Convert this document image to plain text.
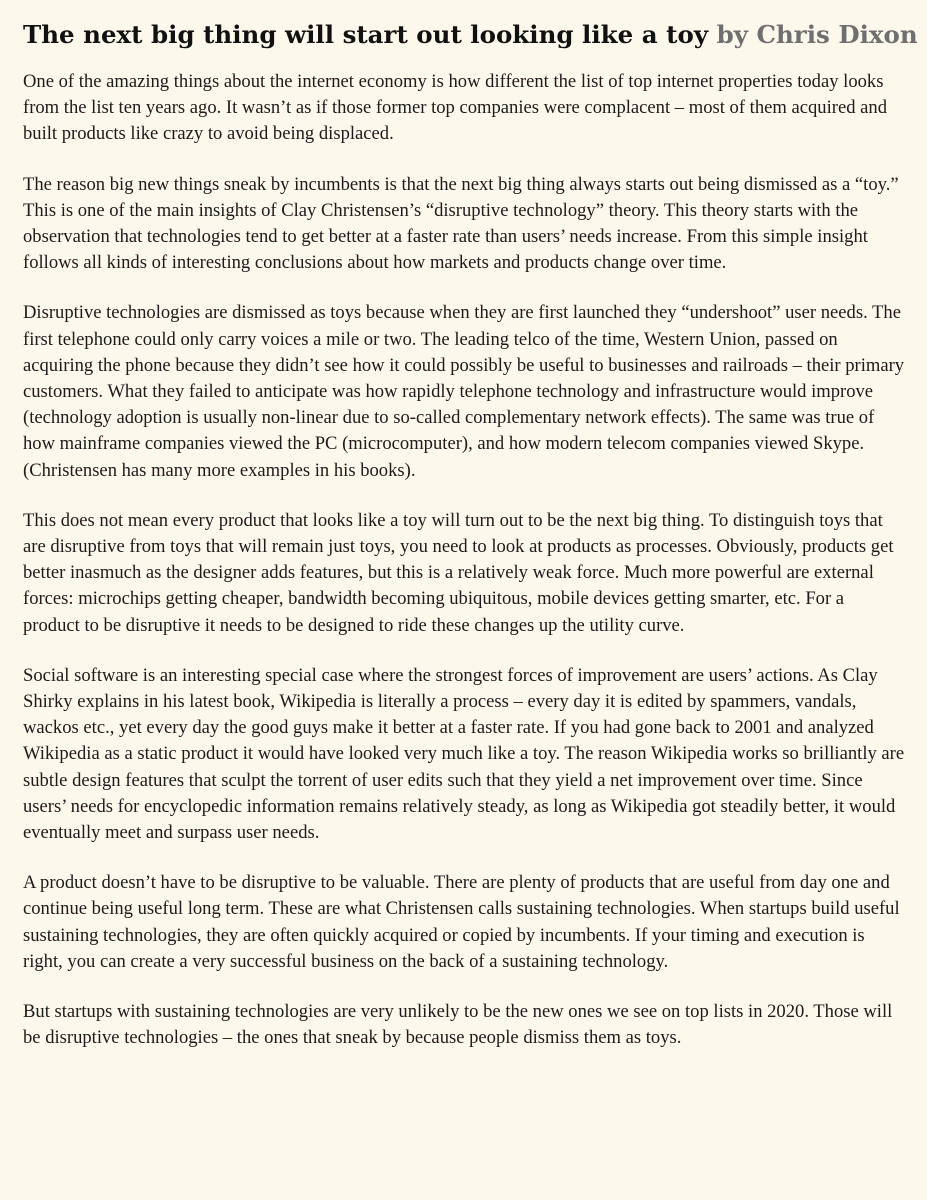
The next big thing will start out looking like a toy by Chris Dixon

One of the amazing things about the internet economy is how different the list of top internet properties today looks from the list ten years ago. It wasn’t as if those former top companies were complacent – most of them acquired and built products like crazy to avoid being displaced.

The reason big new things sneak by incumbents is that the next big thing always starts out being dismissed as a “toy.” This is one of the main insights of Clay Christensen’s “disruptive technology” theory. This theory starts with the observation that technologies tend to get better at a faster rate than users’ needs increase. From this simple insight follows all kinds of interesting conclusions about how markets and products change over time.

Disruptive technologies are dismissed as toys because when they are first launched they “undershoot” user needs. The first telephone could only carry voices a mile or two. The leading telco of the time, Western Union, passed on acquiring the phone because they didn’t see how it could possibly be useful to businesses and railroads – their primary customers. What they failed to anticipate was how rapidly telephone technology and infrastructure would improve (technology adoption is usually non-linear due to so-called complementary network effects). The same was true of how mainframe companies viewed the PC (microcomputer), and how modern telecom companies viewed Skype. (Christensen has many more examples in his books).

This does not mean every product that looks like a toy will turn out to be the next big thing. To distinguish toys that are disruptive from toys that will remain just toys, you need to look at products as processes. Obviously, products get better inasmuch as the designer adds features, but this is a relatively weak force. Much more powerful are external forces: microchips getting cheaper, bandwidth becoming ubiquitous, mobile devices getting smarter, etc. For a product to be disruptive it needs to be designed to ride these changes up the utility curve.

Social software is an interesting special case where the strongest forces of improvement are users’ actions. As Clay Shirky explains in his latest book, Wikipedia is literally a process – every day it is edited by spammers, vandals, wackos etc., yet every day the good guys make it better at a faster rate. If you had gone back to 2001 and analyzed Wikipedia as a static product it would have looked very much like a toy. The reason Wikipedia works so brilliantly are subtle design features that sculpt the torrent of user edits such that they yield a net improvement over time. Since users’ needs for encyclopedic information remains relatively steady, as long as Wikipedia got steadily better, it would eventually meet and surpass user needs.

A product doesn’t have to be disruptive to be valuable. There are plenty of products that are useful from day one and continue being useful long term. These are what Christensen calls sustaining technologies. When startups build useful sustaining technologies, they are often quickly acquired or copied by incumbents. If your timing and execution is right, you can create a very successful business on the back of a sustaining technology.

But startups with sustaining technologies are very unlikely to be the new ones we see on top lists in 2020. Those will be disruptive technologies – the ones that sneak by because people dismiss them as toys.
